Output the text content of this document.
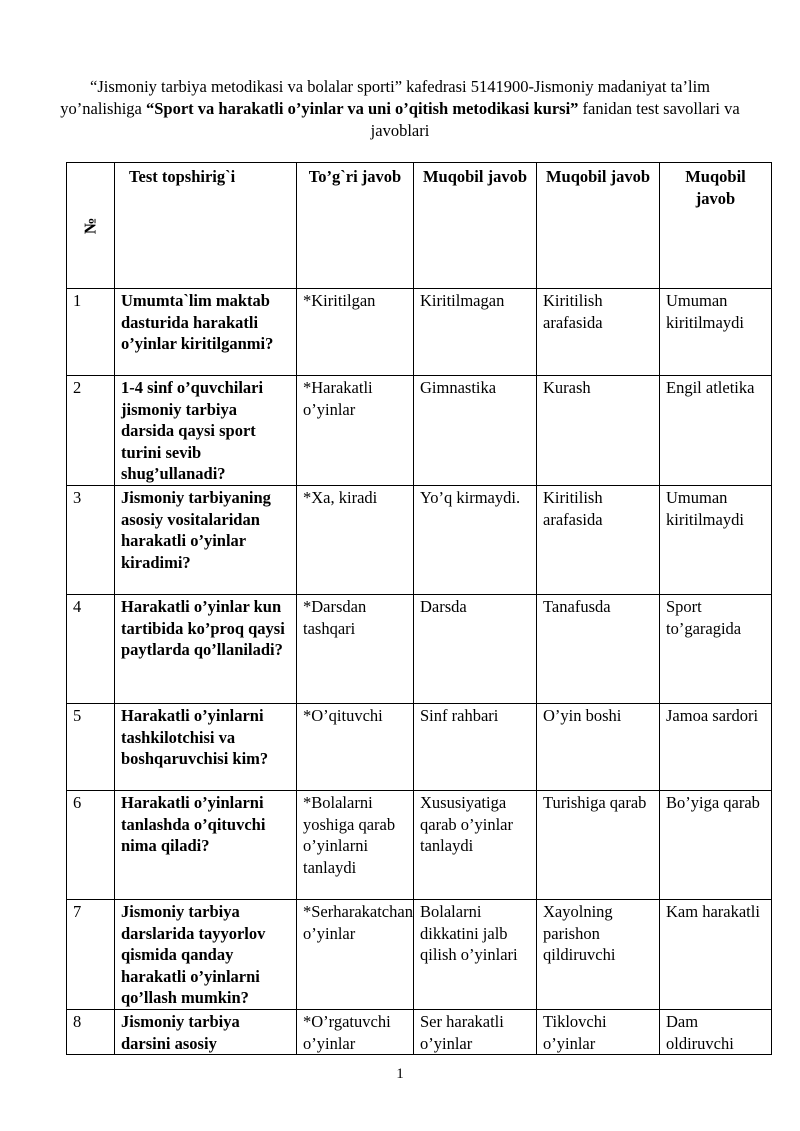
“Jismoniy tarbiya metodikasi va bolalar sporti” kafedrasi 5141900-Jismoniy madaniyat ta’lim yo’nalishiga “Sport va harakatli o’yinlar va uni o’qitish metodikasi kursi” fanidan test savollari va javoblari
№	Test topshirig`i	To’g`ri javob	Muqobil javob	Muqobil javob	Muqobil javob
1	Umumta`lim maktab dasturida harakatli o’yinlar kiritilganmi?	*Kiritilgan	Kiritilmagan	Kiritilish arafasida	Umuman kiritilmaydi
2	1-4 sinf o’quvchilari jismoniy tarbiya darsida qaysi sport turini sevib shug’ullanadi?	*Harakatli o’yinlar	Gimnastika	Kurash	Engil atletika
3	Jismoniy tarbiyaning asosiy vositalaridan harakatli o’yinlar kiradimi?	*Xa, kiradi	Yo’q kirmaydi.	Kiritilish arafasida	Umuman kiritilmaydi
4	Harakatli o’yinlar kun tartibida ko’proq qaysi paytlarda qo’llaniladi?	*Darsdan tashqari	Darsda	Tanafusda	Sport to’garagida
5	Harakatli o’yinlarni tashkilotchisi va boshqaruvchisi kim?	*O’qituvchi	Sinf rahbari	O’yin boshi	Jamoa sardori
6	Harakatli o’yinlarni tanlashda o’qituvchi nima qiladi?	*Bolalarni yoshiga qarab o’yinlarni tanlaydi	Xususiyatiga qarab o’yinlar tanlaydi	Turishiga qarab	Bo’yiga qarab
7	Jismoniy tarbiya darslarida tayyorlov qismida qanday harakatli o’yinlarni qo’llash mumkin?	*Serharakatchan o’yinlar	Bolalarni dikkatini jalb qilish o’yinlari	Xayolning parishon qildiruvchi	Kam harakatli
8	Jismoniy tarbiya darsini asosiy	*O’rgatuvchi o’yinlar	Ser harakatli o’yinlar	Tiklovchi o’yinlar	Dam oldiruvchi
1
